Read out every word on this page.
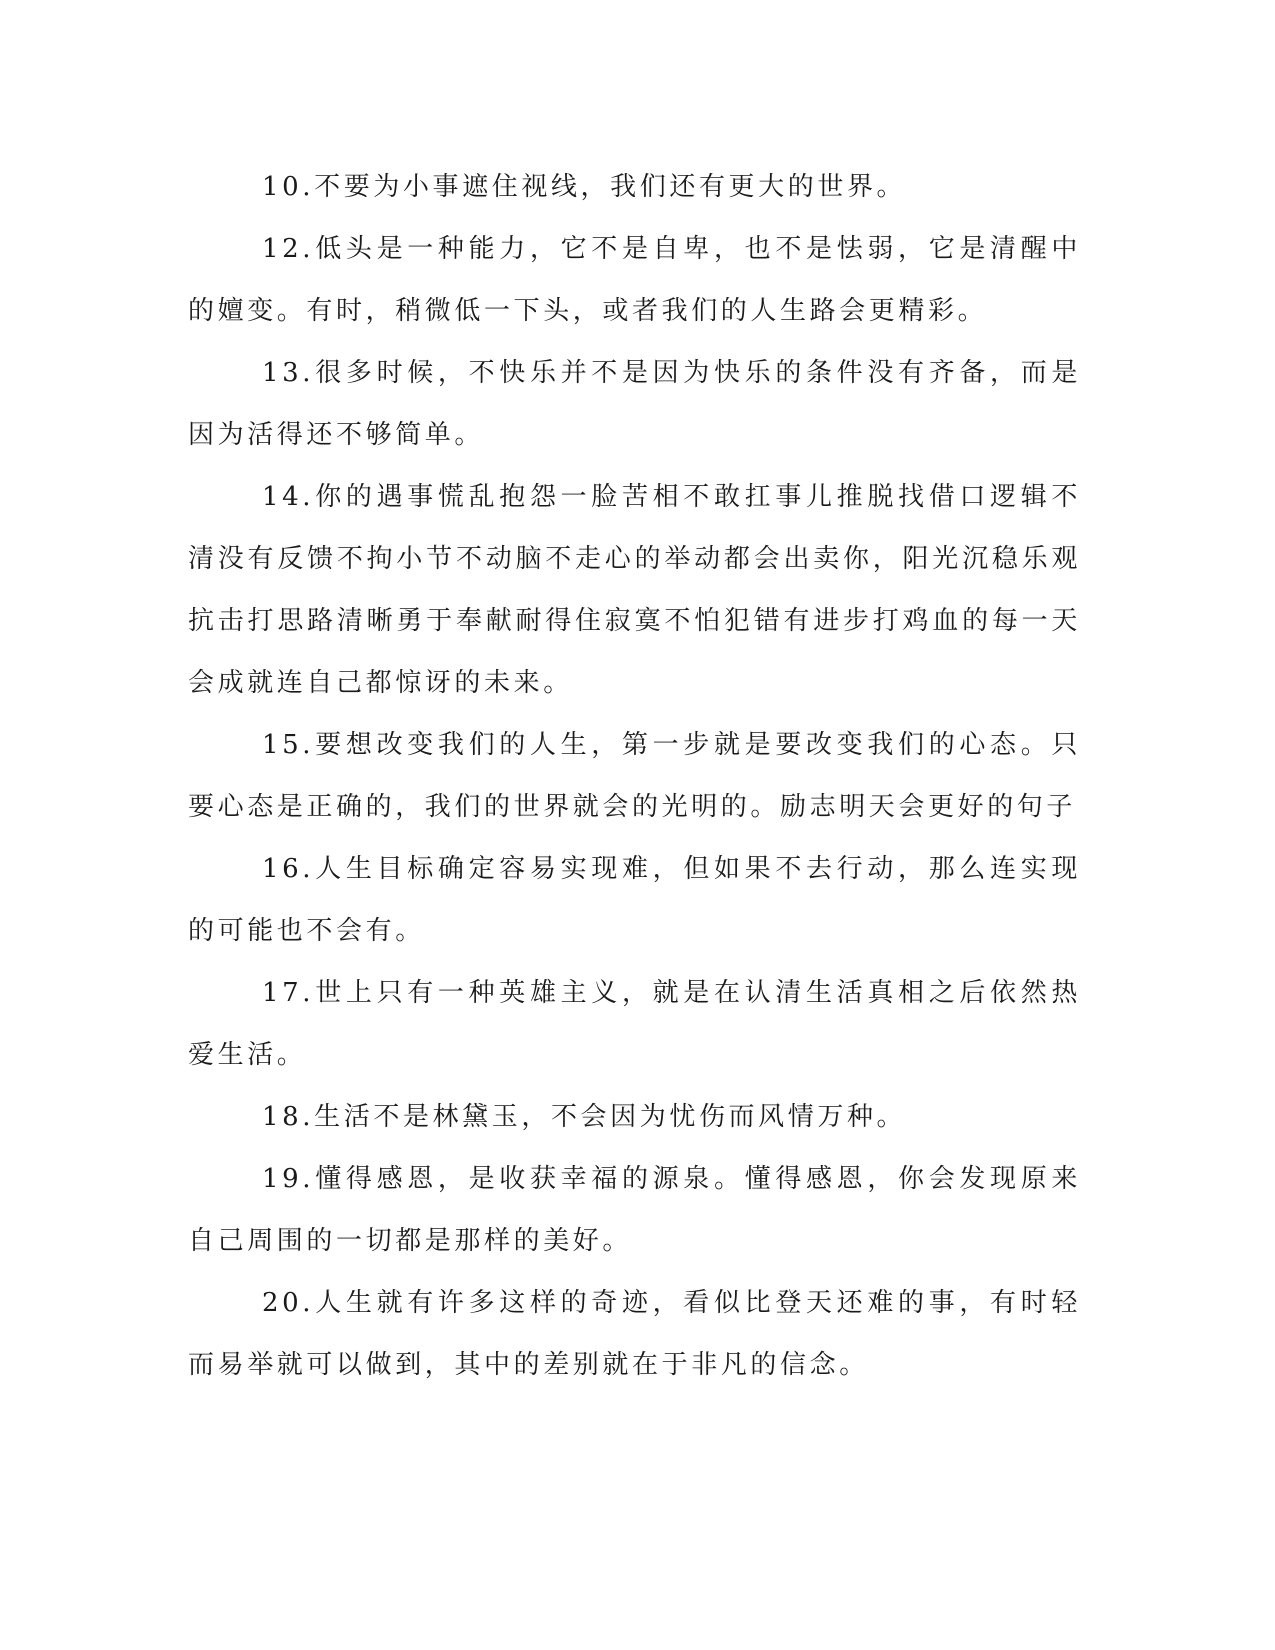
10.不要为小事遮住视线，我们还有更大的世界。

12.低头是一种能力，它不是自卑，也不是怯弱，它是清醒中的嬗变。有时，稍微低一下头，或者我们的人生路会更精彩。

13.很多时候，不快乐并不是因为快乐的条件没有齐备，而是因为活得还不够简单。

14.你的遇事慌乱抱怨一脸苦相不敢扛事儿推脱找借口逻辑不清没有反馈不拘小节不动脑不走心的举动都会出卖你，阳光沉稳乐观抗击打思路清晰勇于奉献耐得住寂寞不怕犯错有进步打鸡血的每一天会成就连自己都惊讶的未来。

15.要想改变我们的人生，第一步就是要改变我们的心态。只要心态是正确的，我们的世界就会的光明的。励志明天会更好的句子

16.人生目标确定容易实现难，但如果不去行动，那么连实现的可能也不会有。

17.世上只有一种英雄主义，就是在认清生活真相之后依然热爱生活。

18.生活不是林黛玉，不会因为忧伤而风情万种。

19.懂得感恩，是收获幸福的源泉。懂得感恩，你会发现原来自己周围的一切都是那样的美好。

20.人生就有许多这样的奇迹，看似比登天还难的事，有时轻而易举就可以做到，其中的差别就在于非凡的信念。
